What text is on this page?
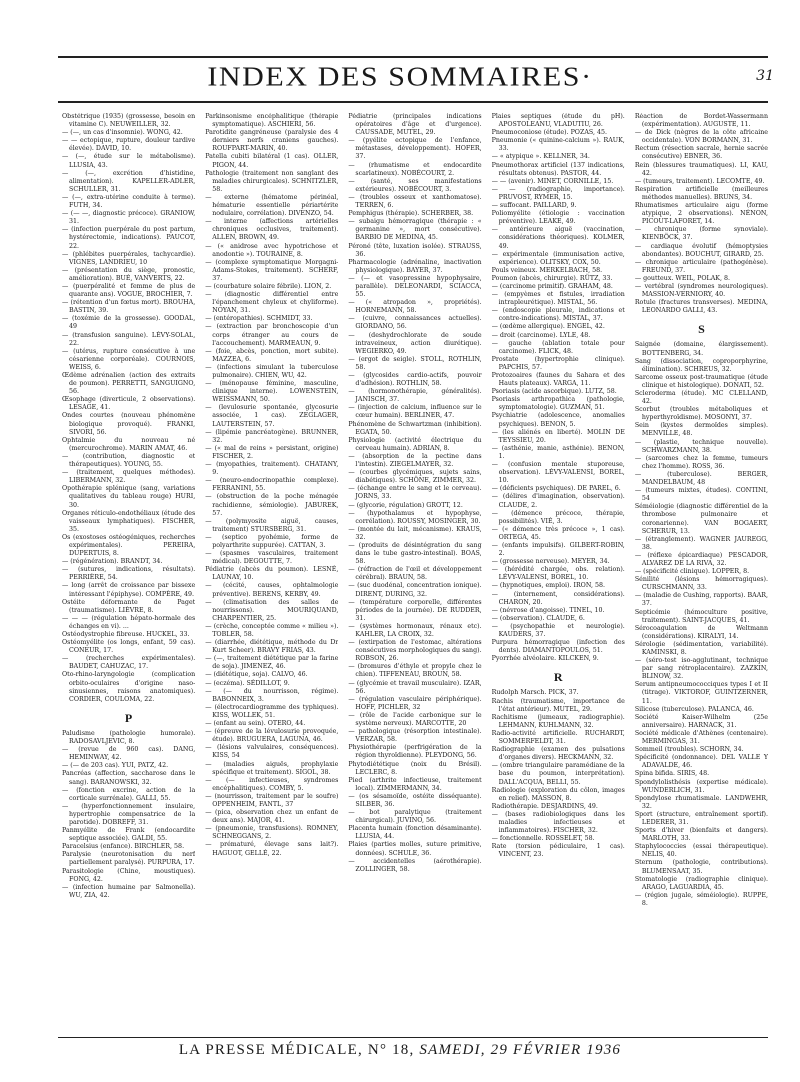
INDEX DES SOMMAIRES·	31

Obstétrique (1935) (grossesse, besoin en vitamine C). NEUWEILLER, 32.

— (—, un cas d'insomnie). WONG, 42.

— — ectopique, rupture, douleur tardive élevée). DAVID, 10.

— (—, étude sur le métabolisme). LLUSIA, 43.

— (—, excrétion d'histidine, alimentation). KAPELLER-ADLER, SCHULLER, 31.

— (—, extra-utérine conduite à terme). FUTH, 34.

— (— —, diagnostic précoce). GRANIOW, 31.

— (infection puerpérale du post partum, hystérectomie, indications). PAUCOT, 22.

— (phlébites puerpérales, tachycardie). VIGNES, LANDRIEU, 10

— (présentation du siège, pronostic, amélioration). BUÉ, VANVERTS, 22.

— (puerpéralité et femme de plus de quarante ans). VOGUE, BROCHIER, 7.

— (rétention d'un fœtus mort). BROUHA, BASTIN, 39.

— (toxémie de la grossesse). GOODAL, 49

— (transfusion sanguine). LÉVY-SOLAL, 22.

— (utérus, rupture consécutive à une césarienne corporéale). COURNOIS, WEISS, 6.

Œdème adrénalien (action des extraits de poumon). PERRETTI, SANGUIGNO, 56.

Œsophage (diverticule, 2 observations). LESAGE, 41.

Ondes courtes (nouveau phénomène biologique provoqué). FRANKI, SIVORI, 56.

Ophtalmie du nouveau né (mercurochrome). MARIN AMAT, 46.

— (contribution, diagnostic et thérapeutiques). YOUNG, 55.

— (traitement, quelques méthodes). LIBERMANN, 32.

Opothérapie splénique (sang, variations qualitatives du tableau rouge) HURI, 30.

Organes réticulo-endothéliaux (étude des vaisseaux lymphatiques). FISCHER, 35.

Os (exostoses ostéogéniques, recherches expérimentales). PEREIRA, DUPERTUIS, 8.

— (régénération). BRANDT, 34.

— (sutures, indications, résultats). PERRIÈRE, 54.

— long (arrêt de croissance par bissexe intéressant l'épiphyse). COMPÈRE, 49.

Ostéite déformante de Paget (traumatisme). LIÈVRE, 8.

— — — (régulation hépato-hormale des échanges en vi). ...

Ostéodystrophie fibreuse. HUCKEL, 33.

Ostéomyélite (os longs, enfant, 59 cas). CONEUR, 17.

— (recherches expérimentales). BAUDET, CAHUZAC, 17.

Oto-rhino-laryngologie (complication orbito-oculaires d'origine naso-sinusiennes, raisons anatomiques). CORDIER, COULOMA, 22.

P

Paludisme (pathologie humorale). RADOSAVLJEVIC, 8.

— (revue de 960 cas). DANG, HEMINWAY, 42.

— (— de 203 cas). YUI, PATZ, 42.

Pancréas (affection, saccharose dans le sang). BARANOWSKI, 32.

— (fonction excrine, action de la corticale surrénale). GALLI, 55.

— (hyperfonctionnement insulaire, hypertrophie compensatrice de la parotide). DOBREFF, 31.

Panmyélite de Frank (endocardite septique associée). GALDI, 55.

Paracelsius (enfance). BIRCHLER, 58.

Paralysie (neurotonisation du nerf partiellement paralysé). PURPURA, 17.

Parasitologie (Chine, moustiques). FONG, 42.

— (infection humaine par Salmonella). WU, ZIA, 42.

Parkinsonisme encéphalitique (thérapie symptomatique). ASCHIERI, 56.

Parotidite gangréneuse (paralysie des 4 derniers nerfs craniens gauches). ROUFPART-MARIN, 40.

Patella cubiti bilatéral (1 cas). OLLER, PIGON, 44.

Pathologie (traitement non sanglant des maladies chirurgicales). SCHNITZLER, 58.

— externe (hématome périnéal, hématurie essentielle périartérite nodulaire, corrélation). DIVENZO, 54.

— interne (affections artérielles chroniques occlusives, traitement). ALLEN, BROWN, 49.

— (« anidrose avec hypotrichose et anodontie »). TOURAINE, 8.

— (complexe symptomatique Morgagni-Adams-Stokes, traitement). SCHERF, 37.

— (courbature solaire fébrile). LION, 2.

— (diagnostic différentiel entre l'épanchement chyleux et chyliforme). NOYAN, 31.

— (entéropathies). SCHMIDT, 33.

— (extraction par bronchoscopie d'un corps étranger au cours de l'accouchement). MARMEAUN, 9.

— (foie, abcès, ponction, mort subite). MAZZEA, 6.

— (infections simulant la tuberculose pulmonaire). CHIEN, WU, 42.

— (ménopause féminine, masculine, clinique interne). LOWENSTEIN, WEISSMANN, 50.

— (levulosurie spontanée, glycosurie associée, 1 cas). ZEGLAGER, LAUTERSTEIN, 57.

— (lipémie pancréatogène). BRUNNER, 32.

— (« mal de reins » persistant, origine) FISCHER, 2.

— (myopathies, traitement). CHATANY, 9.

— (neuro-endocrinopathie complexe). FERRANINI, 55.

— (obstruction de la poche ménagée rachidienne, sémiologie). JABUREK, 57.

— (polymyosite aiguë, causes, traitement) STURSBERG, 31.

— (septico pyohémie, forme de polyarthrite suppurée). CATTAN, 3.

— (spasmes vasculaires, traitement médical). DEGOUTTE, 7.

Pédiatrie (abcès du poumon). LESNÉ, LAUNAY, 10.

— (cécité, causes, ophtalmologie préventive). BERENS, KERBY, 49.

— (climatisation des salles de nourrissons). MOURIQUAND, CHARPENTIER, 25.

— (crèche, conceptée comme « milieu »). TOBLER, 58.

— (diarrhée, diététique, méthode du Dr Kurt Scheer). BRAVY FRIAS, 43.

— (—, traitement diététique par la farine de soja). JIMENEZ, 46.

— (diététique, soja). CALVO, 46.

— (eczéma). SÉDILLOT, 9.

— (— du nourrisson, régime). BABONNEIX, 3.

— (électrocardiogramme des typhiques). KISS, WOLLEK, 51.

— (enfant au sein). OTERO, 44.

— (épreuve de la lévulosurie provoquée, étude). BRUGUERA, LAGUNA, 46.

— (lésions valvulaires, conséquences). KISS, 54

— (maladies aiguës, prophylaxie spécifique et traitement). SIGOL, 38.

— (— infectieuses, syndromes encéphalitiques). COMBY, 5.

— (nourrisson, traitement par le soufre) OPPENHEIM, FANTL, 37

— (pica, observation chez un enfant de deux ans). MAJOR, 41.

— (pneumonie, transfusions). ROMNEY, SCHNEGGANS, 2.

— prématuré, élevage sans lait?). HAGUOT, GELLÉ, 22.

Pédiatrie (principales indications opératoires d'âge et d'urgence). CAUSSADE, MUTEL, 29.

— (pyélite ectopique de l'enfance, métastases, développement). HOFER, 37.

— (rhumatisme et endocardite scarlatineux). NOBÉCOURT, 2.

— (santé, ses manifestations extérieures). NOBÉCOURT, 3.

— (troubles osseux et xanthomatose). TERREN, 6.

Pemphigus (thérapie). SCHERBER, 38.

— subaigu hémorragique (thérapie : « germanine », mort consécutive). BARBIO DE MEDINA, 45.

Péroné (tête, luxation isolée). STRAUSS, 36.

Pharmacologie (adrénaline, inactivation physiologique). BAYER, 37.

— (— et vasopressine hypophysaire, parallèle). DELEONARDI, SCIACCA, 55.

— (« atropadon », propriétés). HORNEMANN, 58.

— (cuivre, connaissances actuelles). GIORDANO, 56.

— (deshydrochlorate de soude intraveineux, action diurétique). WEGIERKO, 49.

— (ergot de seigle). STOLL, ROTHLIN, 58.

— (glycosides cardio-actifs, pouvoir d'adhésion). ROTHLIN, 58.

— (hormonothérapie, généralités). JANISCH, 37.

— (injection de calcium, influence sur le cœur humain). BERLINER, 47.

Phénomène de Schwartzman (inhibition). EGATA, 50.

Physiologie (activité électrique du cerveau humain). ADRIAN, 8.

— (absorption de la pectine dans l'intestin). ZIEGELMAYER, 32.

— (courbes glycémiques, sujets sains, diabétiques). SCHÖNE, ZIMMER, 32.

— (échange entre le sang et le cerveau). JORNS, 33.

— (glycorie, régulation) GROTT, 12.

— (hypothalamus et hypophyse, corrélation). ROUSSY, MOSINGER, 30.

— (montée du lait, mécanisme). KRAUS, 32.

— (produits de désintégration du sang dans le tube gastro-intestinal). BOAS, 58.

— (réfraction de l'œil et développement cérébral). BRAUN, 58.

— (suc duodénal, concentration ionique). DIRENT, DURING, 32.

— (température corporelle, différentes périodes de la journée). DE RUDDER, 31.

— (systèmes hormonaux, rénaux etc). KAHLER, LA CROIX, 32.

— (extirpation de l'estomac, altérations consécutives morphologiques du sang). ROBSON, 26.

— (bromures d'éthyle et propyle chez le chien). TIFFENEAU, BROUN, 58.

— (glycémie et travail musculaire). IZAR, 56.

— (régulation vasculaire périphérique). HOFF, PICHLER, 32

— (rôle de l'acide carbonique sur le système nerveux). MARCOTTE, 20

— pathologique (résorption intestinale). VERZAR, 58.

Physiothérapie (perfrigération de la région thyroïdienne). PLEYDONG, 56.

Phytodiététique (noix du Brésil). LECLERC, 8.

Pied (arthrite infectieuse, traitement local). ZIMMERMANN, 34.

— (os sésamoïde, ostéite disséquante). SILBER, 36.

— bot paralytique (traitement chirurgical). JUVINO, 56.

Placenta humain (fonction désaminante). LLUSIA, 44.

Plaies (parties molles, suture primitive, données). SCHULE, 36.

— accidentelles (aérothérapie). ZOLLINGER, 58.

Plaies septiques (étude du pH). APOSTOLEANU, VLADUTIU, 26.

Pneumoconiose (étude). POZAS, 45.

Pneumonie (« quinine-calcium »). RAUK, 33.

— « atypique ». KELLNER, 34.

Pneumothorax artificiel (137 indications, résultats obtenus). PASTOR, 44.

— — (avenir). MINET, CORNILLE, 15.

— — (radiographie, importance). PRUVOST, RYMER, 15.

— suffocant. PAILLARD, 9.

Poliomyélite (étiologie : vaccination préventive). LEAKE, 49.

— antérieure aiguë (vaccination, considérations théoriques). KOLMER, 49.

— expérimentale (immunisation active, expérience). OLITSKY, COX, 50.

Pouls veineux. MERKELBACH, 58.

Poumon (abcès, chirurgie). RÜTZ, 33.

— (carcinome primitif). GRAHAM, 48.

— (empyèmes et fistules, irradiation intrapleurétique). MISTAL, 56.

— (endoscopie pleurale, indications et contre-indications). MISTAL, 37.

— (œdème allergique). ENGEL, 42.

— droit (carcinome). LYLE, 48.

— gauche (ablation totale pour carcinome). FLICK, 48.

Prostate (hypertrophie clinique). PAPCHIS, 57.

Protozoaires (faunes du Sahara et des Hauts plateaux). VARGA, 11.

Psoriasis (acide ascorbique). LUTZ, 58.

Psoriasis arthropathica (pathologie, symptomatologie). GUZMAN, 51.

Psychiatrie (adolescence, anomalies psychiques). BENON, 5.

— (les aliénés en liberté). MOLIN DE TEYSSIEU, 20.

— (asthénie, manie, asthénie). BENON, 1.

— (confusion mentale stuporeuse, observation). LÉVY-VALENSI, BOREL, 10.

— (déficients psychiques). DE PAREL, 6.

— (délires d'imagination, observation). CLAUDE, 2.

— (démence précoce, thérapie, possibilités). VIÉ, 3.

— (« démence très précoce », 1 cas). ORTEGA, 45.

— (enfants impulsifs). GILBERT-ROBIN, 2.

— (grossesse nerveuse). MEYER, 34.

— (hérédité chargée, obs. relation). LÉVY-VALENSI, BOREL, 10.

— (hypnotiques, emploi). IRON, 58.

— (internement, considérations). CHARON, 20.

— (névrose d'angoisse). TINEL, 10.

— (observation). CLAUDE, 6.

— (psychopathie et neurologie). KAUDERS, 37.

Purpura hémorragique (infection des dents). DIAMANTOPOULOS, 51.

Pyorrhée alvéolaire. KILCKEN, 9.

R

Rudolph Marsch. PICK, 37.

Rachis (traumatisme, importance de l'état antérieur). MUTEL, 29.

Rachitisme (jumeaux, radiographie). LEHMANN, KUHLMANN, 32.

Radio-activité artificielle. RUCHARDT, SOMMERFELDT, 31.

Radiographie (examen des pulsations d'organes divers). HECKMANN, 32.

— (ombre triangulaire paramédiane de la base du poumon, interprétation). DALL'ACQUA, BELLI, 55.

Radiologie (exploration du côlon, images en relief). MASSON, 8.

Radiothérapie. DESJARDINS, 49.

— (bases radiobiologiques dans les maladies infectieuses et inflammatoires). FISCHER, 32.

— fonctionnelle. ROSSELET, 58.

Rate (torsion pédiculaire, 1 cas). VINCENT, 23.

Réaction de Bordet-Wassermann (expérimentation). AUGUSTE, 11.

— de Dick (nègres de la côte africaine occidentale). VON BORMANN, 31.

Rectum (résection sacrale, hernie sacrée consécutive) EBNER, 36.

Rein (blessures traumatiques). LI, KAU, 42.

— (tumeurs, traitement). LECOMTE, 49.

Respiration artificielle (meilleures méthodes manuelles). BRUNS, 34.

Rhumatismes articulaire aigu (forme atypique, 2 observations). NÉNON, PICOUT-LAFORET, 14.

— chronique (forme synoviale). KIENBÖCK, 37.

— cardiaque évolutif (hémoptysies abondantes). BOUCHUT, GIRARD, 25.

— chronique articulaire (pathogénèse). FREUND, 37.

— goutteux. WEIL, POLAK, 8.

— vertébral (syndromes neurologiques). MASSION-VERNIORY, 40.

Rotule (fractures transverses). MEDINA, LEONARDO GALLI, 43.

S

Saignée (domaine, élargissement). BOTTENBERG, 34.

Sang (dissociation, coproporphyrine, élimination). SCHREUS, 32.

Sarcome osseux post-traumatique (étude clinique et histologique). DONATI, 52.

Scleroderma (étude). MC CLELLAND, 42.

Scorbut (troubles métaboliques et hyperthyroïdisme). MOSONYI, 37.

Sein (kystes dermoïdes simples). MENVILLE, 48.

— (plastie, technique nouvelle). SCHWARZMANN, 38.

— (sarcomes chez la femme, tumeurs chez l'homme). ROSS, 36.

— (tuberculose). BERGER, MANDELBAUM, 48

— (tumeurs mixtes, études). CONTINI, 54

Séméiologie (diagnostic différentiel de la thrombose pulmonaire et coronarienne). VAN BOGAERT, SCHERUR, 13.

— (étranglement). WAGNER JAUREGG, 38.

— (réflexe épicardiaque) PESCADOR, ALVAREZ DE LA RIVA, 32.

— (spécificité clinique). LOPPER, 8.

Sénilité (lésions hémorragiques). CURSCHMANN, 33.

— (maladie de Cushing, rapports). BAAR, 37.

Septicémie (hémoculture positive, traitement). SAINT-JACQUES, 41.

Sérocoagulation de Weltmann (considérations). KIRALYI, 14.

Sérologie (sédimentation, variabilité). KAMINSKI, 8.

— (séro-test iso-agglutinant, technique par sang rétroplacentaire). ZAZKIN, BLINOW, 32.

Serum antipneumococciques types I et II (titrage). VIKTOROF, GUINTZERNER, 11.

Silicose (tuberculose). PALANCA, 46.

Société Kaiser-Wilhelm (25e anniversaire). HARNACK, 31.

Société médicale d'Athènes (centenaire). MERMINGAS, 31.

Sommeil (troubles). SCHORN, 34.

Spécificité (ondonnance). DEL VALLE Y ADAVALDE, 46.

Spina bifida. SIRIS, 48.

Spondylolisthésis (expertise médicale). WUNDERLICH, 31.

Spondylose rhumatismale. LANDWEHR, 32.

Sport (structure, entraînement sportif). LEDERER, 31.

Sports d'hiver (bienfaits et dangers). MARLOTH, 33.

Staphylococcies (essai thérapeutique). NELIS, 40.

Sternum (pathologie, contributions). BLUMENSAAT, 35.

Stomatologie (radiographie clinique). ARAGO, LAGUARDIA, 45.

— (région jugale, séméiologie). RUPPE, 8.

LA PRESSE MÉDICALE, N° 18, SAMEDI, 29 FÉVRIER 1936
